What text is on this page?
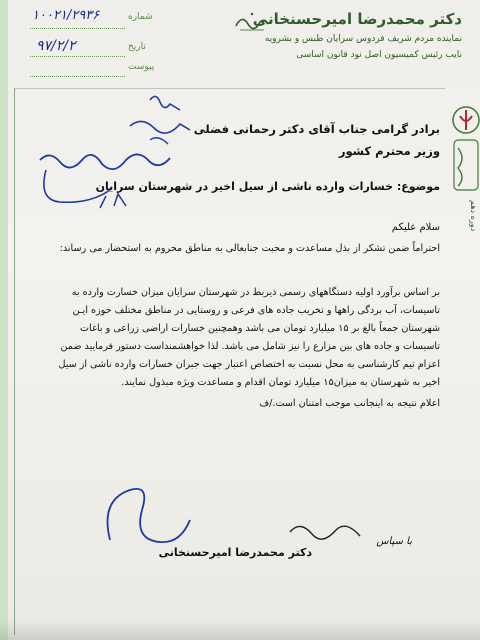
۱۰۰۲۱/۲۹۳۶	شماره
۹۷/۲/۲	تاریخ
پیوست
دکتر محمدرضا امیرحسنخانی
نماینده مردم شریف فردوس سرایان طبس و بشرویه
نایب رئیس کمیسیون اصل نود قانون اساسی
دوره دهم
برادر گرامی جناب آقای دکتر رحمانی فضلی
وزیر محترم کشور
موضوع: خسارات وارده ناشی از سیل اخیر در شهرستان سرایان
سلام علیکم
احتراماً ضمن تشکر از بذل مساعدت و محبت جنابعالی به مناطق محروم به استحضار می رساند:
بر اساس برآورد اولیه دستگاههای رسمی ذیربط در شهرستان سرایان میزان خسارت وارده به تاسیسات، آب بردگی راهها و تخریب جاده های فرعی و روستایی در مناطق مختلف حوزه ایـن شهرستان جمعاً بالغ بر ۱۵ میلیارد تومان می باشد وهمچنین خسارات اراضی زراعی و باغات تاسیسات و جاده های بین مزارع را نیز شامل می باشد. لذا خواهشمنداست دستور فرمایید ضمن اعزام تیم کارشناسی به محل نسبت به اختصاص اعتبار جهت جبران خسارات وارده ناشی از سیل اخیر به شهرستان به میزان۱۵ میلیارد تومان اقدام و مساعدت ویژه مبذول نمایند.
اعلام نتیجه به اینجانب موجب امتنان است./ف
با سپاس
دکتر محمدرضا امیرحسنخانی
